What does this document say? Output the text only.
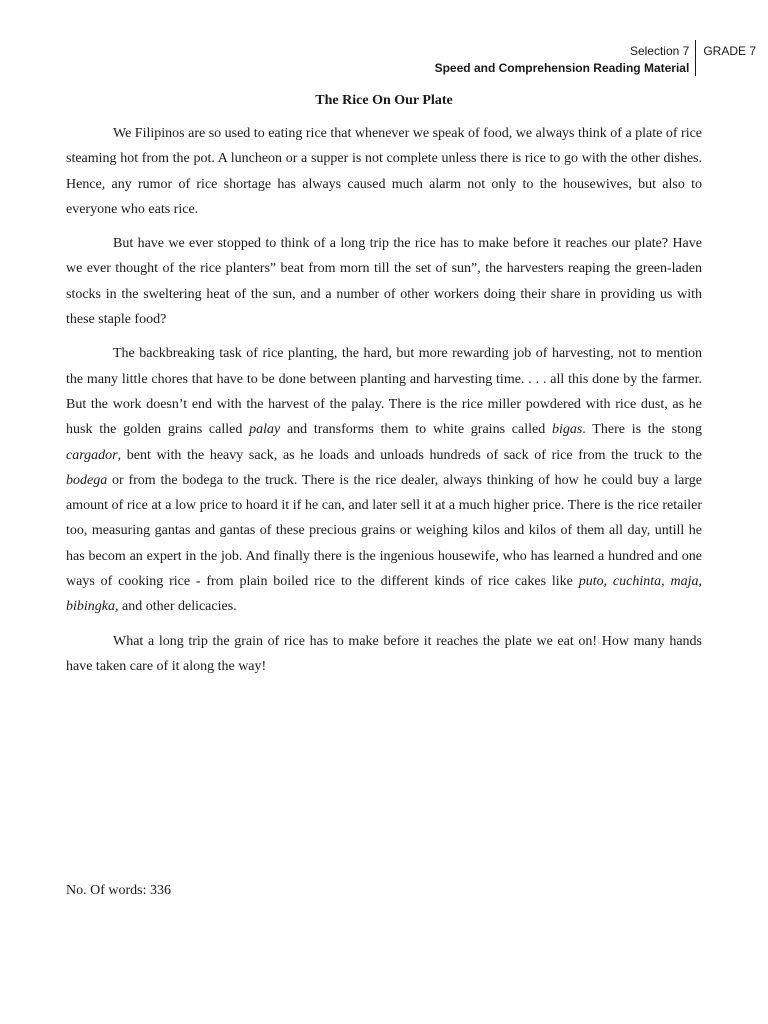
Selection 7
Speed and Comprehension Reading Material
GRADE 7
The Rice On Our Plate

We Filipinos are so used to eating rice that whenever we speak of food, we always think of a plate of rice steaming hot from the pot. A luncheon or a supper is not complete unless there is rice to go with the other dishes. Hence, any rumor of rice shortage has always caused much alarm not only to the housewives, but also to everyone who eats rice.

But have we ever stopped to think of a long trip the rice has to make before it reaches our plate? Have we ever thought of the rice planters” beat from morn till the set of sun”, the harvesters reaping the green-laden stocks in the sweltering heat of the sun, and a number of other workers doing their share in providing us with these staple food?

The backbreaking task of rice planting, the hard, but more rewarding job of harvesting, not to mention the many little chores that have to be done between planting and harvesting time. . . . all this done by the farmer. But the work doesn’t end with the harvest of the palay. There is the rice miller powdered with rice dust, as he husk the golden grains called palay and transforms them to white grains called bigas. There is the stong cargador, bent with the heavy sack, as he loads and unloads hundreds of sack of rice from the truck to the bodega or from the bodega to the truck. There is the rice dealer, always thinking of how he could buy a large amount of rice at a low price to hoard it if he can, and later sell it at a much higher price. There is the rice retailer too, measuring gantas and gantas of these precious grains or weighing kilos and kilos of them all day, untill he has becom an expert in the job. And finally there is the ingenious housewife, who has learned a hundred and one ways of cooking rice - from plain boiled rice to the different kinds of rice cakes like puto, cuchinta, maja, bibingka, and other delicacies.

What a long trip the grain of rice has to make before it reaches the plate we eat on! How many hands have taken care of it along the way!

No. Of words: 336
